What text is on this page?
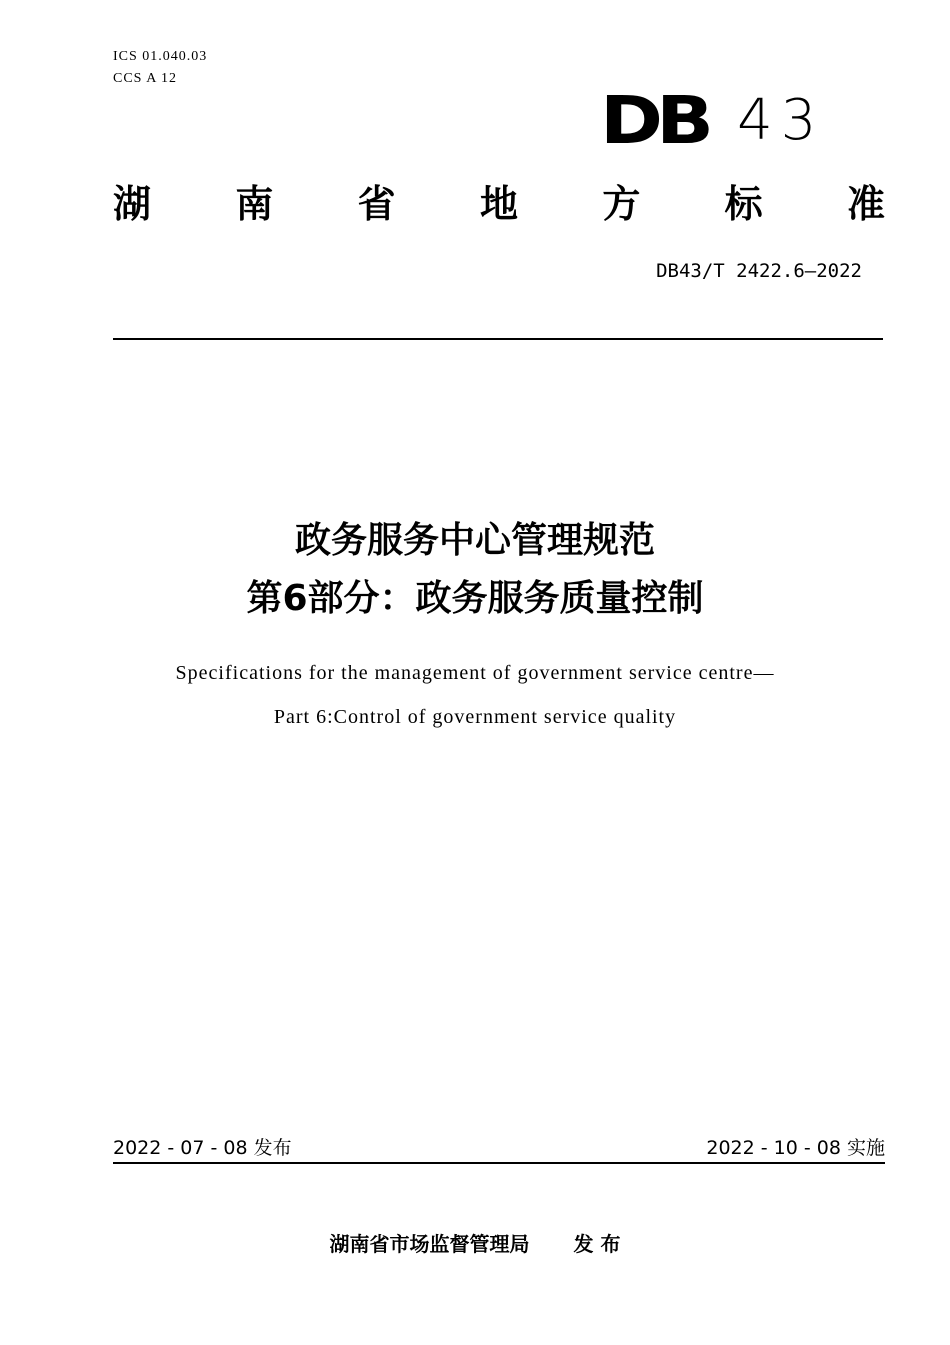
ICS 01.040.03
CCS A 12
DB 43
湖 南 省 地 方 标 准
DB43/T 2422.6—2022
政务服务中心管理规范
第6部分：政务服务质量控制
Specifications for the management of government service centre—
Part 6:Control of government service quality
2022 - 07 - 08 发布	2022 - 10 - 08 实施
湖南省市场监督管理局 发 布
